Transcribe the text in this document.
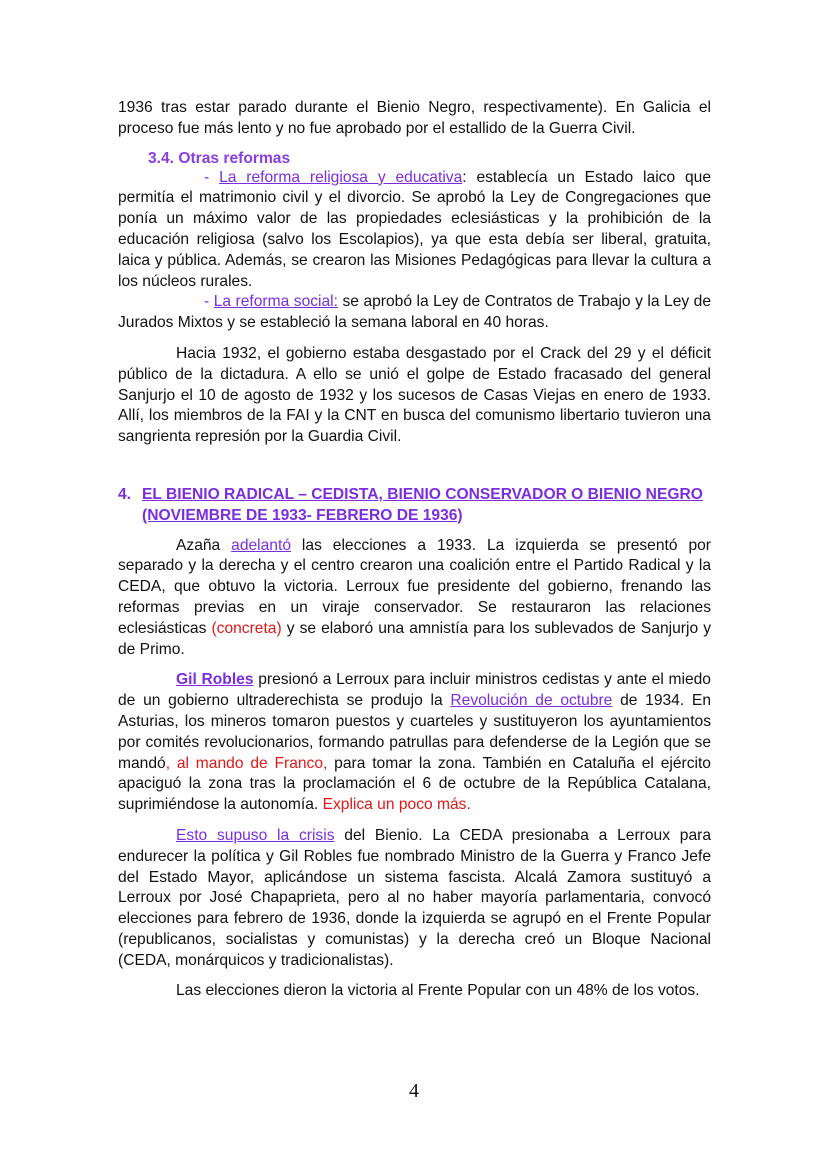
1936 tras estar parado durante el Bienio Negro, respectivamente). En Galicia el

proceso fue más lento y no fue aprobado por el estallido de la Guerra Civil.

3.4. Otras reformas

- La reforma religiosa y educativa: establecía un Estado laico que permitía el matrimonio civil y el divorcio. Se aprobó la Ley de Congregaciones que ponía un máximo valor de las propiedades eclesiásticas y la prohibición de la educación religiosa (salvo los Escolapios), ya que esta debía ser liberal, gratuita, laica y pública. Además, se crearon las Misiones Pedagógicas para llevar la cultura a los núcleos rurales.

- La reforma social: se aprobó la Ley de Contratos de Trabajo y la Ley de Jurados Mixtos y se estableció la semana laboral en 40 horas.

Hacia 1932, el gobierno estaba desgastado por el Crack del 29 y el déficit público de la dictadura. A ello se unió el golpe de Estado fracasado del general Sanjurjo el 10 de agosto de 1932 y los sucesos de Casas Viejas en enero de 1933. Allí, los miembros de la FAI y la CNT en busca del comunismo libertario tuvieron una sangrienta represión por la Guardia Civil.

4. EL BIENIO RADICAL – CEDISTA, BIENIO CONSERVADOR O BIENIO NEGRO (NOVIEMBRE DE 1933- FEBRERO DE 1936)

Azaña adelantó las elecciones a 1933. La izquierda se presentó por separado y la derecha y el centro crearon una coalición entre el Partido Radical y la CEDA, que obtuvo la victoria. Lerroux fue presidente del gobierno, frenando las reformas previas en un viraje conservador. Se restauraron las relaciones eclesiásticas (concreta) y se elaboró una amnistía para los sublevados de Sanjurjo y de Primo.

Gil Robles presionó a Lerroux para incluir ministros cedistas y ante el miedo de un gobierno ultraderechista se produjo la Revolución de octubre de 1934. En Asturias, los mineros tomaron puestos y cuarteles y sustituyeron los ayuntamientos por comités revolucionarios, formando patrullas para defenderse de la Legión que se mandó, al mando de Franco, para tomar la zona. También en Cataluña el ejército apaciguó la zona tras la proclamación el 6 de octubre de la República Catalana, suprimiéndose la autonomía. Explica un poco más.

Esto supuso la crisis del Bienio. La CEDA presionaba a Lerroux para endurecer la política y Gil Robles fue nombrado Ministro de la Guerra y Franco Jefe del Estado Mayor, aplicándose un sistema fascista. Alcalá Zamora sustituyó a Lerroux por José Chapaprieta, pero al no haber mayoría parlamentaria, convocó elecciones para febrero de 1936, donde la izquierda se agrupó en el Frente Popular (republicanos, socialistas y comunistas) y la derecha creó un Bloque Nacional (CEDA, monárquicos y tradicionalistas).

Las elecciones dieron la victoria al Frente Popular con un 48% de los votos.

4
